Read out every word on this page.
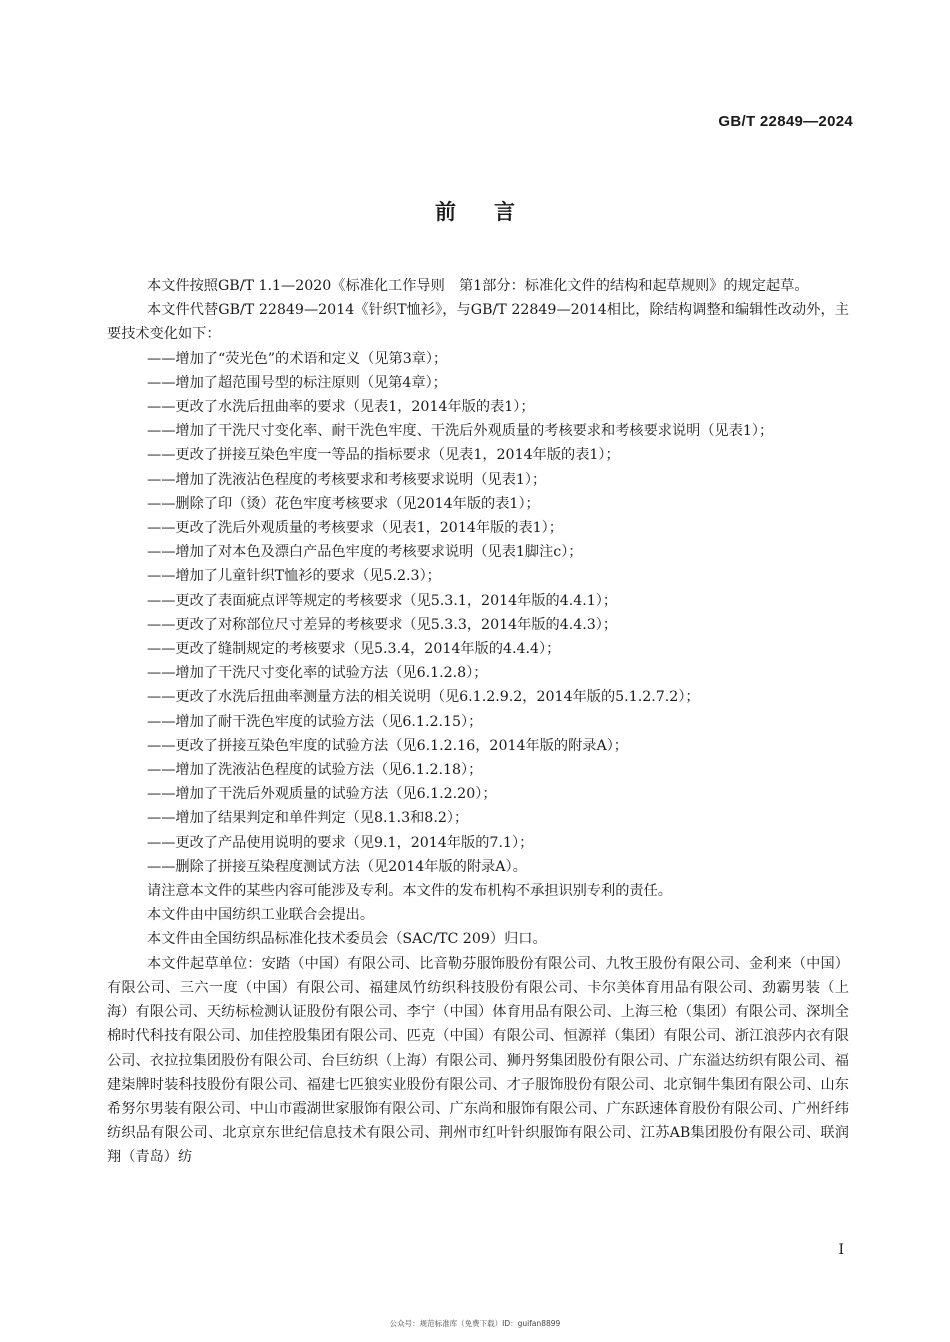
GB/T 22849—2024
前言

本文件按照GB/T 1.1—2020《标准化工作导则　第1部分：标准化文件的结构和起草规则》的规定起草。

本文件代替GB/T 22849—2014《针织T恤衫》，与GB/T 22849—2014相比，除结构调整和编辑性改动外，主要技术变化如下：

——增加了“荧光色”的术语和定义（见第3章）；
——增加了超范围号型的标注原则（见第4章）；
——更改了水洗后扭曲率的要求（见表1，2014年版的表1）；
——增加了干洗尺寸变化率、耐干洗色牢度、干洗后外观质量的考核要求和考核要求说明（见表1）；
——更改了拼接互染色牢度一等品的指标要求（见表1，2014年版的表1）；
——增加了洗液沾色程度的考核要求和考核要求说明（见表1）；
——删除了印（烫）花色牢度考核要求（见2014年版的表1）；
——更改了洗后外观质量的考核要求（见表1，2014年版的表1）；
——增加了对本色及漂白产品色牢度的考核要求说明（见表1脚注c）；
——增加了儿童针织T恤衫的要求（见5.2.3）；
——更改了表面疵点评等规定的考核要求（见5.3.1，2014年版的4.4.1）；
——更改了对称部位尺寸差异的考核要求（见5.3.3，2014年版的4.4.3）；
——更改了缝制规定的考核要求（见5.3.4，2014年版的4.4.4）；
——增加了干洗尺寸变化率的试验方法（见6.1.2.8）；
——更改了水洗后扭曲率测量方法的相关说明（见6.1.2.9.2，2014年版的5.1.2.7.2）；
——增加了耐干洗色牢度的试验方法（见6.1.2.15）；
——更改了拼接互染色牢度的试验方法（见6.1.2.16，2014年版的附录A）；
——增加了洗液沾色程度的试验方法（见6.1.2.18）；
——增加了干洗后外观质量的试验方法（见6.1.2.20）；
——增加了结果判定和单件判定（见8.1.3和8.2）；
——更改了产品使用说明的要求（见9.1，2014年版的7.1）；
——删除了拼接互染程度测试方法（见2014年版的附录A）。

请注意本文件的某些内容可能涉及专利。本文件的发布机构不承担识别专利的责任。

本文件由中国纺织工业联合会提出。

本文件由全国纺织品标准化技术委员会（SAC/TC 209）归口。

本文件起草单位：安踏（中国）有限公司、比音勒芬服饰股份有限公司、九牧王股份有限公司、金利来（中国）有限公司、三六一度（中国）有限公司、福建凤竹纺织科技股份有限公司、卡尔美体育用品有限公司、劲霸男装（上海）有限公司、天纺标检测认证股份有限公司、李宁（中国）体育用品有限公司、上海三枪（集团）有限公司、深圳全棉时代科技有限公司、加佳控股集团有限公司、匹克（中国）有限公司、恒源祥（集团）有限公司、浙江浪莎内衣有限公司、衣拉拉集团股份有限公司、台巨纺织（上海）有限公司、狮丹努集团股份有限公司、广东溢达纺织有限公司、福建柒牌时装科技股份有限公司、福建七匹狼实业股份有限公司、才子服饰股份有限公司、北京铜牛集团有限公司、山东希努尔男装有限公司、中山市霞湖世家服饰有限公司、广东尚和服饰有限公司、广东跃速体育股份有限公司、广州纤纬纺织品有限公司、北京京东世纪信息技术有限公司、荆州市红叶针织服饰有限公司、江苏AB集团股份有限公司、联润翔（青岛）纺

I
公众号：规范标准库（免费下载）ID：guifan8899
